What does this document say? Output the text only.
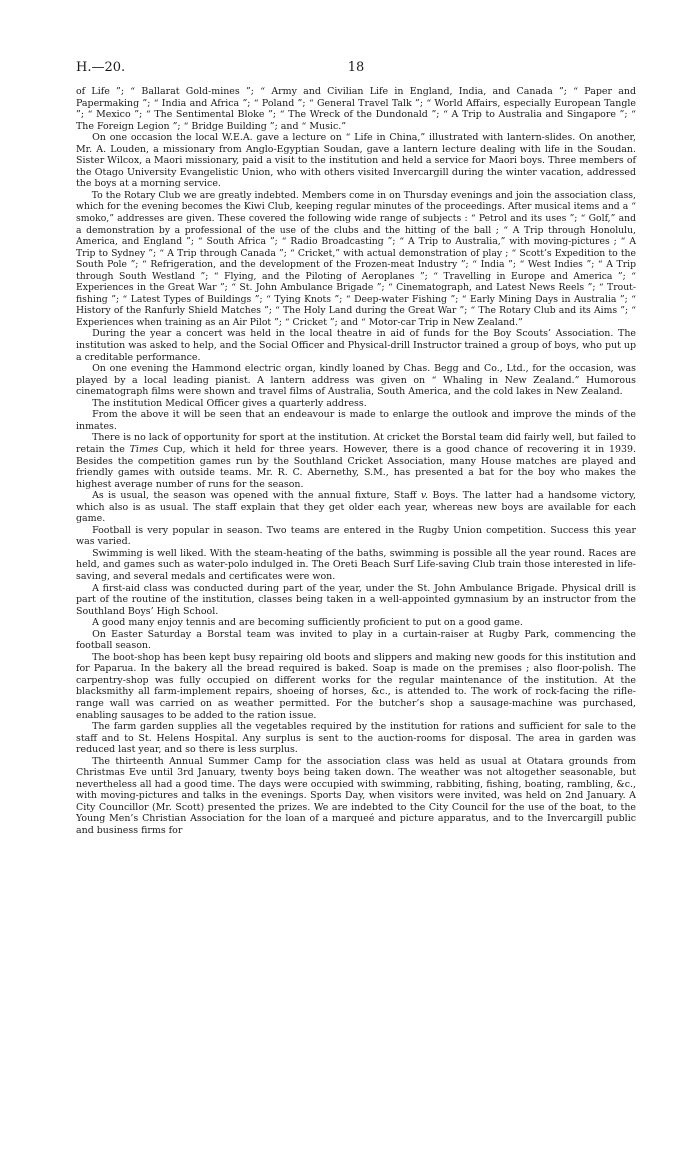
H.—20.	18

of Life ”; “ Ballarat Gold-mines ”; “ Army and Civilian Life in England, India, and Canada ”; “ Paper and Papermaking ”; “ India and Africa ”; “ Poland ”; “ General Travel Talk ”; “ World Affairs, especially European Tangle ”; “ Mexico ”; “ The Sentimental Bloke ”; “ The Wreck of the Dundonald ”; “ A Trip to Australia and Singapore ”; “ The Foreign Legion ”; “ Bridge Building ”; and “ Music.”

On one occasion the local W.E.A. gave a lecture on “ Life in China,” illustrated with lantern-slides. On another, Mr. A. Louden, a missionary from Anglo-Egyptian Soudan, gave a lantern lecture dealing with life in the Soudan. Sister Wilcox, a Maori missionary, paid a visit to the institution and held a service for Maori boys. Three members of the Otago University Evangelistic Union, who with others visited Invercargill during the winter vacation, addressed the boys at a morning service.

To the Rotary Club we are greatly indebted. Members come in on Thursday evenings and join the association class, which for the evening becomes the Kiwi Club, keeping regular minutes of the proceedings. After musical items and a “ smoko,” addresses are given. These covered the following wide range of subjects : “ Petrol and its uses ”; “ Golf,” and a demonstration by a professional of the use of the clubs and the hitting of the ball ; “ A Trip through Honolulu, America, and England ”; “ South Africa ”; “ Radio Broadcasting ”; “ A Trip to Australia,” with moving-pictures ; “ A Trip to Sydney ”; “ A Trip through Canada ”; “ Cricket,” with actual demonstration of play ; “ Scott’s Expedition to the South Pole ”; “ Refrigeration, and the development of the Frozen-meat Industry ”; “ India ”; “ West Indies ”; “ A Trip through South Westland ”; “ Flying, and the Piloting of Aeroplanes ”; “ Travelling in Europe and America ”; “ Experiences in the Great War ”; “ St. John Ambulance Brigade ”; “ Cinematograph, and Latest News Reels ”; “ Trout-fishing ”; “ Latest Types of Buildings ”; “ Tying Knots ”; “ Deep-water Fishing ”; “ Early Mining Days in Australia ”; “ History of the Ranfurly Shield Matches ”; “ The Holy Land during the Great War ”; “ The Rotary Club and its Aims ”; “ Experiences when training as an Air Pilot ”; “ Cricket ”; and “ Motor-car Trip in New Zealand.”

During the year a concert was held in the local theatre in aid of funds for the Boy Scouts’ Association. The institution was asked to help, and the Social Officer and Physical-drill Instructor trained a group of boys, who put up a creditable performance.

On one evening the Hammond electric organ, kindly loaned by Chas. Begg and Co., Ltd., for the occasion, was played by a local leading pianist. A lantern address was given on “ Whaling in New Zealand.” Humorous cinematograph films were shown and travel films of Australia, South America, and the cold lakes in New Zealand.

The institution Medical Officer gives a quarterly address.

From the above it will be seen that an endeavour is made to enlarge the outlook and improve the minds of the inmates.

There is no lack of opportunity for sport at the institution. At cricket the Borstal team did fairly well, but failed to retain the Times Cup, which it held for three years. However, there is a good chance of recovering it in 1939. Besides the competition games run by the Southland Cricket Association, many House matches are played and friendly games with outside teams. Mr. R. C. Abernethy, S.M., has presented a bat for the boy who makes the highest average number of runs for the season.

As is usual, the season was opened with the annual fixture, Staff v. Boys. The latter had a handsome victory, which also is as usual. The staff explain that they get older each year, whereas new boys are available for each game.

Football is very popular in season. Two teams are entered in the Rugby Union competition. Success this year was varied.

Swimming is well liked. With the steam-heating of the baths, swimming is possible all the year round. Races are held, and games such as water-polo indulged in. The Oreti Beach Surf Life-saving Club train those interested in life-saving, and several medals and certificates were won.

A first-aid class was conducted during part of the year, under the St. John Ambulance Brigade. Physical drill is part of the routine of the institution, classes being taken in a well-appointed gymnasium by an instructor from the Southland Boys’ High School.

A good many enjoy tennis and are becoming sufficiently proficient to put on a good game.

On Easter Saturday a Borstal team was invited to play in a curtain-raiser at Rugby Park, commencing the football season.

The boot-shop has been kept busy repairing old boots and slippers and making new goods for this institution and for Paparua. In the bakery all the bread required is baked. Soap is made on the premises ; also floor-polish. The carpentry-shop was fully occupied on different works for the regular maintenance of the institution. At the blacksmithy all farm-implement repairs, shoeing of horses, &c., is attended to. The work of rock-facing the rifle-range wall was carried on as weather permitted. For the butcher’s shop a sausage-machine was purchased, enabling sausages to be added to the ration issue.

The farm garden supplies all the vegetables required by the institution for rations and sufficient for sale to the staff and to St. Helens Hospital. Any surplus is sent to the auction-rooms for disposal. The area in garden was reduced last year, and so there is less surplus.

The thirteenth Annual Summer Camp for the association class was held as usual at Otatara grounds from Christmas Eve until 3rd January, twenty boys being taken down. The weather was not altogether seasonable, but nevertheless all had a good time. The days were occupied with swimming, rabbiting, fishing, boating, rambling, &c., with moving-pictures and talks in the evenings. Sports Day, when visitors were invited, was held on 2nd January. A City Councillor (Mr. Scott) presented the prizes. We are indebted to the City Council for the use of the boat, to the Young Men’s Christian Association for the loan of a marqueé and picture apparatus, and to the Invercargill public and business firms for
